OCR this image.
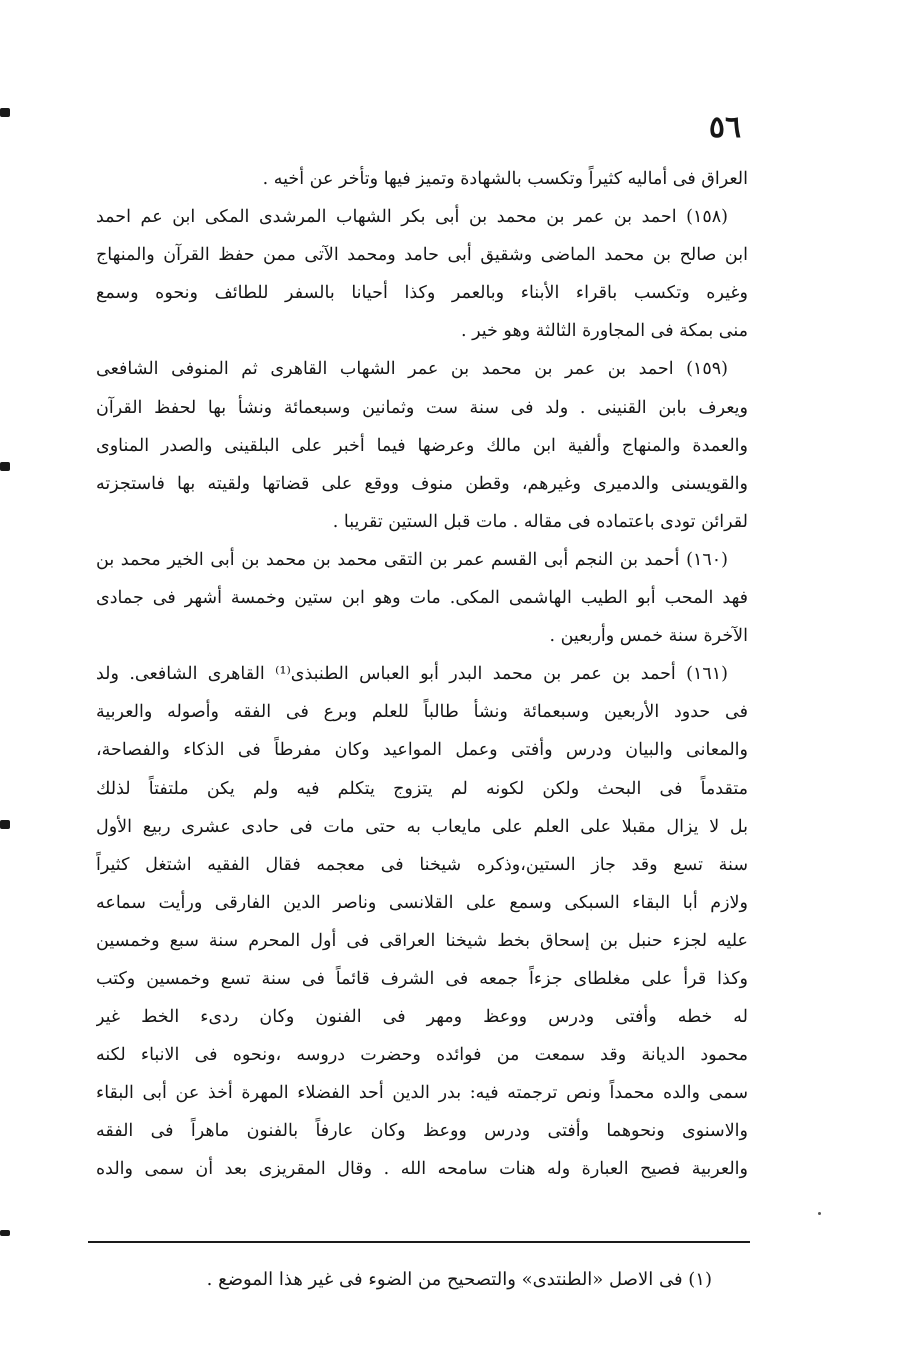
٥٦
العراق فى أماليه كثيراً وتكسب بالشهادة وتميز فيها وتأخر عن أخيه .
(١٥٨) احمد بن عمر بن محمد بن أبى بكر الشهاب المرشدى المكى ابن عم احمد
ابن صالح بن محمد الماضى وشقيق أبى حامد ومحمد الآتى ممن حفظ القرآن والمنهاج
وغيره وتكسب باقراء الأبناء وبالعمر وكذا أحيانا بالسفر للطائف ونحوه وسمع
منى بمكة فى المجاورة الثالثة وهو خير .
(١٥٩) احمد بن عمر بن محمد بن عمر الشهاب القاهرى ثم المنوفى الشافعى
ويعرف بابن القنينى . ولد فى سنة ست وثمانين وسبعمائة ونشأ بها لحفظ القرآن
والعمدة والمنهاج وألفية ابن مالك وعرضها فيما أخبر على البلقينى والصدر المناوى
والقويسنى والدميرى وغيرهم، وقطن منوف ووقع على قضاتها ولقيته بها فاستجزته
لقرائن تودى باعتماده فى مقاله . مات قبل الستين تقريبا .
(١٦٠) أحمد بن النجم أبى القسم عمر بن التقى محمد بن محمد بن أبى الخير محمد بن
فهد المحب أبو الطيب الهاشمى المكى. مات وهو ابن ستين وخمسة أشهر فى جمادى
الآخرة سنة خمس وأربعين .
(١٦١) أحمد بن عمر بن محمد البدر أبو العباس الطنبذى⁽¹⁾ القاهرى الشافعى. ولد
فى حدود الأربعين وسبعمائة ونشأ طالباً للعلم وبرع فى الفقه وأصوله والعربية
والمعانى والبيان ودرس وأفتى وعمل المواعيد وكان مفرطاً فى الذكاء والفصاحة،
متقدماً فى البحث ولكن لكونه لم يتزوج يتكلم فيه ولم يكن ملتفتاً لذلك
بل لا يزال مقبلا على العلم على مايعاب به حتى مات فى حادى عشرى ربيع الأول
سنة تسع وقد جاز الستين،وذكره شيخنا فى معجمه فقال الفقيه اشتغل كثيراً
ولازم أبا البقاء السبكى وسمع على القلانسى وناصر الدين الفارقى ورأيت سماعه
عليه لجزء حنبل بن إسحاق بخط شيخنا العراقى فى أول المحرم سنة سبع وخمسين
وكذا قرأ على مغلطاى جزءاً جمعه فى الشرف قائماً فى سنة تسع وخمسين وكتب
له خطه وأفتى ودرس ووعظ ومهر فى الفنون وكان ردىء الخط غير
محمود الديانة وقد سمعت من فوائده وحضرت دروسه ،ونحوه فى الانباء لكنه
سمى والده محمداً ونص ترجمته فيه: بدر الدين أحد الفضلاء المهرة أخذ عن أبى البقاء
والاسنوى ونحوهما وأفتى ودرس ووعظ وكان عارفاً بالفنون ماهراً فى الفقه
والعربية فصيح العبارة وله هنات سامحه الله . وقال المقريزى بعد أن سمى والده
(١) فى الاصل «الطنتدى» والتصحيح من الضوء فى غير هذا الموضع .
